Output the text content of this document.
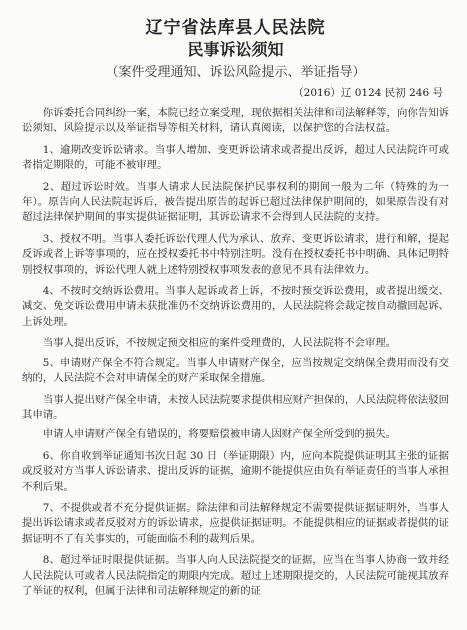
辽宁省法库县人民法院
民事诉讼须知
（案件受理通知、诉讼风险提示、举证指导）
（2016）辽 0124 民初 246 号

你诉委托合同纠纷一案，本院已经立案受理，现依据相关法律和司法解释等，向你告知诉讼须知、风险提示以及举证指导等相关材料，请认真阅读，以保护您的合法权益。

1、逾期改变诉讼请求。当事人增加、变更诉讼请求或者提出反诉，超过人民法院许可或者指定期限的，可能不被审理。

2、超过诉讼时效。当事人请求人民法院保护民事权利的期间一般为二年（特殊的为一年）。原告向人民法院起诉后，被告提出原告的起诉已超过法律保护期间的，如果原告没有对超过法律保护期间的事实提供证据证明，其诉讼请求不会得到人民法院的支持。

3、授权不明。当事人委托诉讼代理人代为承认、放弃、变更诉讼请求，进行和解，提起反诉或者上诉等事项的，应在授权委托书中特别注明。没有在授权委托书中明确、具体记明特别授权事项的，诉讼代理人就上述特别授权事项发表的意见不具有法律效力。

4、不按时交纳诉讼费用。当事人起诉或者上诉，不按时预交诉讼费用，或者提出缓交、减交、免交诉讼费用申请未获批准仍不交纳诉讼费用的，人民法院将会裁定按自动撤回起诉、上诉处理。

当事人提出反诉，不按规定预交相应的案件受理费的，人民法院将不会审理。

5、申请财产保全不符合规定。当事人申请财产保全，应当按规定交纳保全费用而没有交纳的，人民法院不会对申请保全的财产采取保全措施。

当事人提出财产保全申请，未按人民法院要求提供相应财产担保的，人民法院将依法驳回其申请。

申请人申请财产保全有错误的，将要赔偿被申请人因财产保全所受到的损失。

6、你自收到举证通知书次日起 30 日（举证期限）内，应向本院提供证明其主张的证据或反驳对方当事人诉讼请求、提出反诉的证据，逾期不能提供应由负有举证责任的当事人承担不利后果。

7、不提供或者不充分提供证据。除法律和司法解释规定不需要提供证据证明外，当事人提出诉讼请求或者反驳对方的诉讼请求，应提供证据证明。不能提供相应的证据或者提供的证据证明不了有关事实的，可能面临不利的裁判后果。

8、超过举证时限提供证据。当事人向人民法院提交的证据，应当在当事人协商一致并经人民法院认可或者人民法院指定的期限内完成。超过上述期限提交的，人民法院可能视其放弃了举证的权利，但属于法律和司法解释规定的新的证
